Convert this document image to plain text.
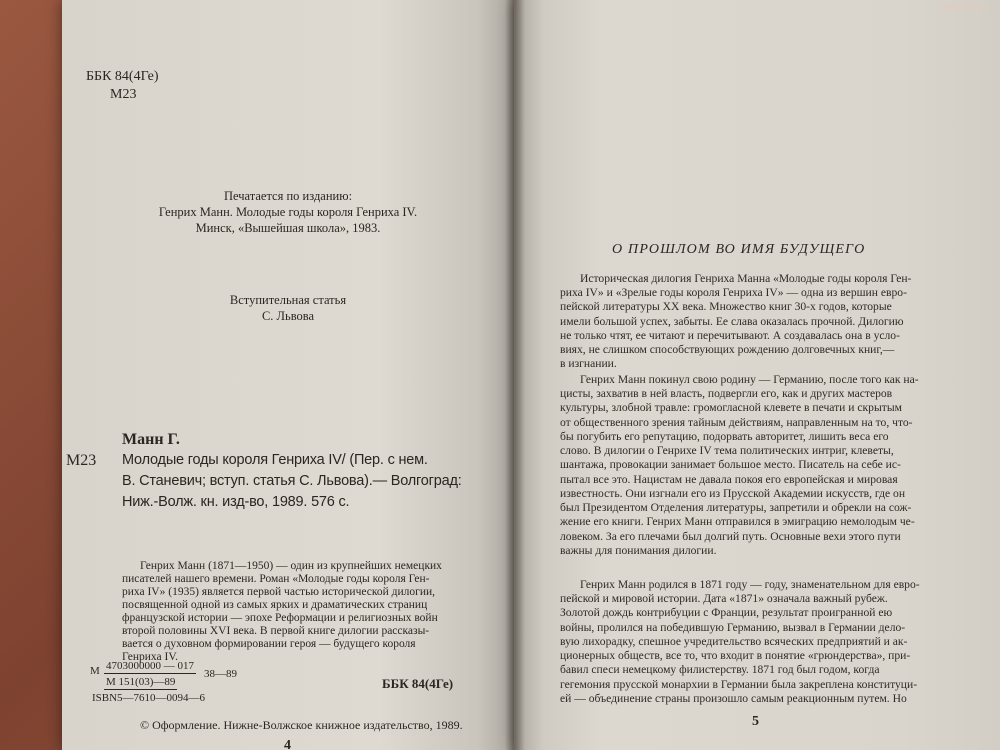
ББК 84(4Ге)
М23
Печатается по изданию:
Генрих Манн. Молодые годы короля Генриха IV.
Минск, «Вышейшая школа», 1983.
Вступительная статья
С. Львова
М23
Манн Г.
Молодые годы короля Генриха IV/ (Пер. с нем.
В. Станевич; вступ. статья С. Львова).— Волгоград:
Ниж.-Волж. кн. изд-во, 1989. 576 с.
Генрих Манн (1871—1950) — один из крупнейших немецких
писателей нашего времени. Роман «Молодые годы короля Ген-
риха IV» (1935) является первой частью исторической дилогии,
посвященной одной из самых ярких и драматических страниц
французской истории — эпохе Реформации и религиозных войн
второй половины XVI века. В первой книге дилогии рассказы-
вается о духовном формировании героя — будущего короля
Генриха IV.
М 4703000000 — 017
М 151(03)—89
38—89
ISBN5—7610—0094—6
ББК 84(4Ге)
© Оформление. Нижне-Волжское книжное издательство, 1989.
4
О ПРОШЛОМ ВО ИМЯ БУДУЩЕГО
Историческая дилогия Генриха Манна «Молодые годы короля Ген-
риха IV» и «Зрелые годы короля Генриха IV» — одна из вершин евро-
пейской литературы XX века. Множество книг 30-х годов, которые
имели большой успех, забыты. Ее слава оказалась прочной. Дилогию
не только чтят, ее читают и перечитывают. А создавалась она в усло-
виях, не слишком способствующих рождению долговечных книг,—
в изгнании.
Генрих Манн покинул свою родину — Германию, после того как на-
цисты, захватив в ней власть, подвергли его, как и других мастеров
культуры, злобной травле: громогласной клевете в печати и скрытым
от общественного зрения тайным действиям, направленным на то, что-
бы погубить его репутацию, подорвать авторитет, лишить веса его
слово. В дилогии о Генрихе IV тема политических интриг, клеветы,
шантажа, провокации занимает большое место. Писатель на себе ис-
пытал все это. Нацистам не давала покоя его европейская и мировая
известность. Они изгнали его из Прусской Академии искусств, где он
был Президентом Отделения литературы, запретили и обрекли на сож-
жение его книги. Генрих Манн отправился в эмиграцию немолодым че-
ловеком. За его плечами был долгий путь. Основные вехи этого пути
важны для понимания дилогии.
Генрих Манн родился в 1871 году — году, знаменательном для евро-
пейской и мировой истории. Дата «1871» означала важный рубеж.
Золотой дождь контрибуции с Франции, результат проигранной ею
войны, пролился на победившую Германию, вызвал в Германии дело-
вую лихорадку, спешное учредительство всяческих предприятий и ак-
ционерных обществ, все то, что входит в понятие «грюндерства», при-
бавил спеси немецкому филистерству. 1871 год был годом, когда
гегемония прусской монархии в Германии была закреплена конституци-
ей — объединение страны произошло самым реакционным путем. Но
5
meshok.by
